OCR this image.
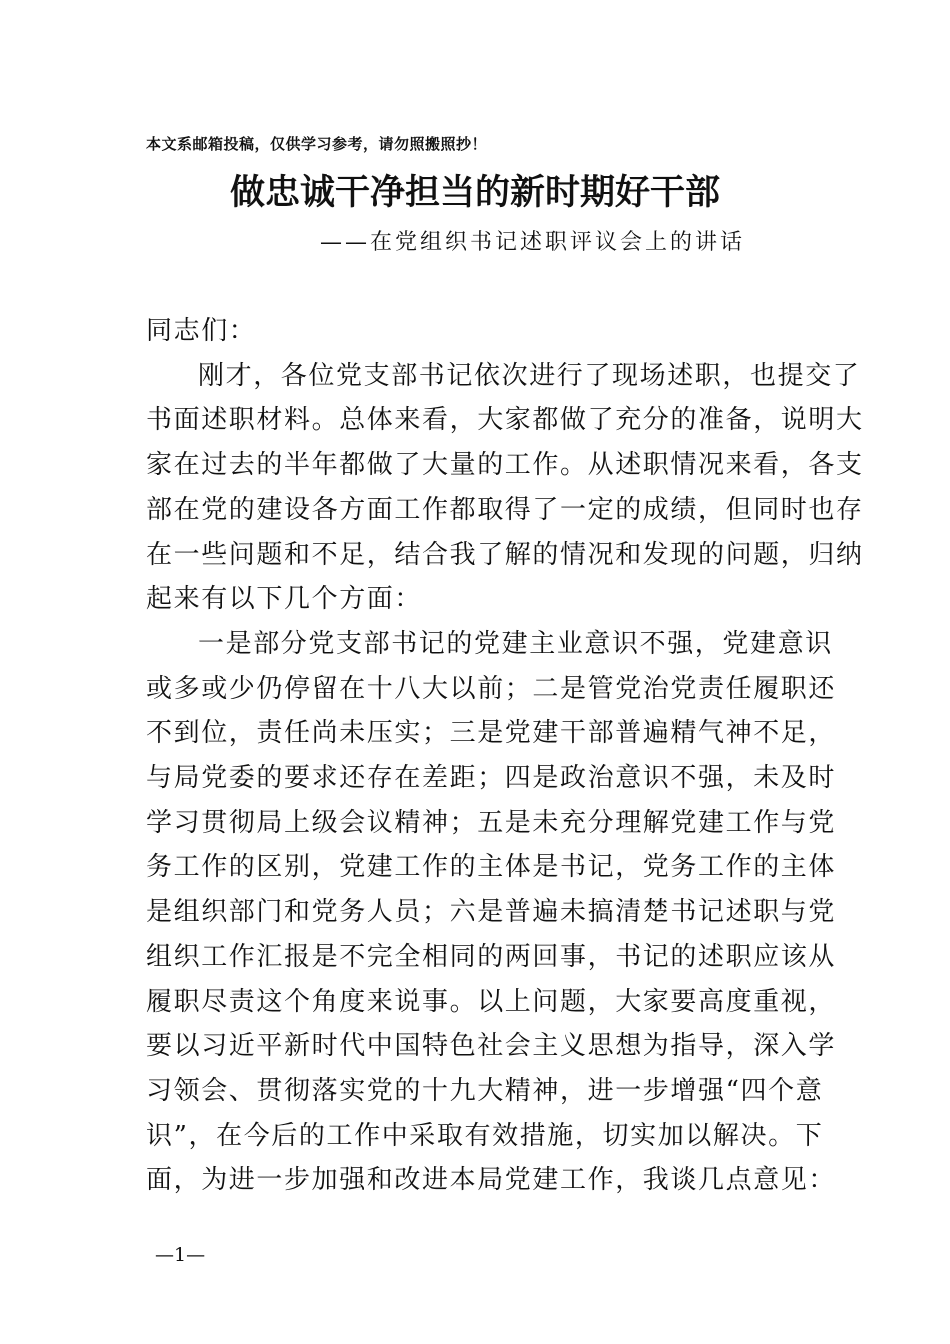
本文系邮箱投稿，仅供学习参考，请勿照搬照抄！
做忠诚干净担当的新时期好干部
——在党组织书记述职评议会上的讲话
同志们：
刚才，各位党支部书记依次进行了现场述职，也提交了
书面述职材料。总体来看，大家都做了充分的准备，说明大
家在过去的半年都做了大量的工作。从述职情况来看，各支
部在党的建设各方面工作都取得了一定的成绩，但同时也存
在一些问题和不足，结合我了解的情况和发现的问题，归纳
起来有以下几个方面：
一是部分党支部书记的党建主业意识不强，党建意识
或多或少仍停留在十八大以前；二是管党治党责任履职还
不到位，责任尚未压实；三是党建干部普遍精气神不足，
与局党委的要求还存在差距；四是政治意识不强，未及时
学习贯彻局上级会议精神；五是未充分理解党建工作与党
务工作的区别，党建工作的主体是书记，党务工作的主体
是组织部门和党务人员；六是普遍未搞清楚书记述职与党
组织工作汇报是不完全相同的两回事，书记的述职应该从
履职尽责这个角度来说事。以上问题，大家要高度重视，
要以习近平新时代中国特色社会主义思想为指导，深入学
习领会、贯彻落实党的十九大精神，进一步增强“四个意
识”，在今后的工作中采取有效措施，切实加以解决。下
面，为进一步加强和改进本局党建工作，我谈几点意见：
—1—
